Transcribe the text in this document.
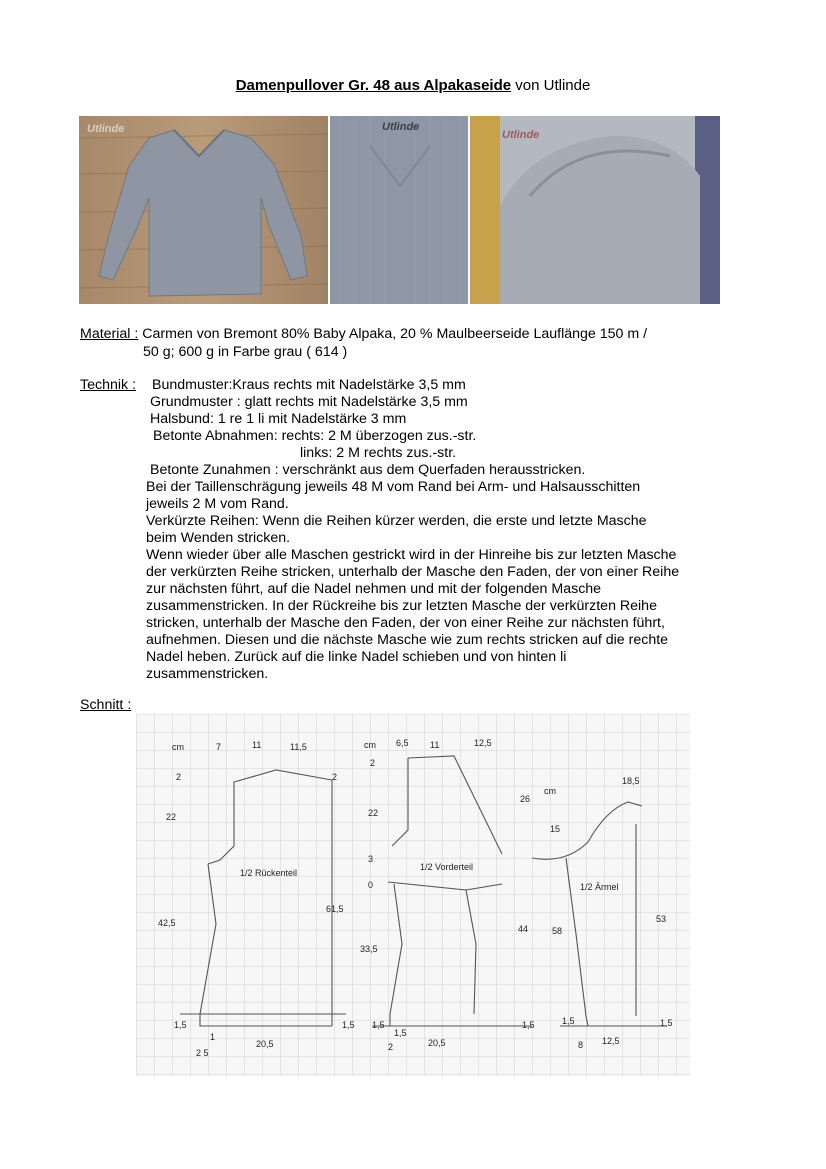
Damenpullover Gr. 48 aus Alpakaseide von Utlinde
Utlinde	Utlinde
Utlinde
Material : Carmen von Bremont 80% Baby Alpaka, 20 % Maulbeerseide Lauflänge 150 m /
50 g; 600 g in Farbe grau ( 614 )
Technik : Bundmuster:Kraus rechts mit Nadelstärke 3,5 mm
Grundmuster : glatt rechts mit Nadelstärke 3,5 mm
Halsbund: 1 re 1 li mit Nadelstärke 3 mm
Betonte Abnahmen: rechts: 2 M überzogen zus.-str.
links: 2 M rechts zus.-str.
Betonte Zunahmen : verschränkt aus dem Querfaden herausstricken.
Bei der Taillenschrägung jeweils 48 M vom Rand bei Arm- und Halsausschitten
jeweils 2 M vom Rand.
Verkürzte Reihen: Wenn die Reihen kürzer werden, die erste und letzte Masche
beim Wenden stricken.
Wenn wieder über alle Maschen gestrickt wird in der Hinreihe bis zur letzten Masche
der verkürzten Reihe stricken, unterhalb der Masche den Faden, der von einer Reihe
zur nächsten führt, auf die Nadel nehmen und mit der folgenden Masche
zusammenstricken. In der Rückreihe bis zur letzten Masche der verkürzten Reihe
stricken, unterhalb der Masche den Faden, der von einer Reihe zur nächsten führt,
aufnehmen. Diesen und die nächste Masche wie zum rechts stricken auf die rechte
Nadel heben. Zurück auf die linke Nadel schieben und von hinten li
zusammenstricken.
Schnitt :
cm	7	11	11,5
2	2
22
1/2 Rückenteil
42,5
61,5
1,5
1
2 5
20,5
1,5
cm 6,5 11	12,5
2
22
3
0
1/2 Vorderteil
33,5
1,5
1,5
2	20,5
1,5
26
cm
18,5
15
1/2 Ärmel
44	58
53
1,5	1,5
8 12,5
